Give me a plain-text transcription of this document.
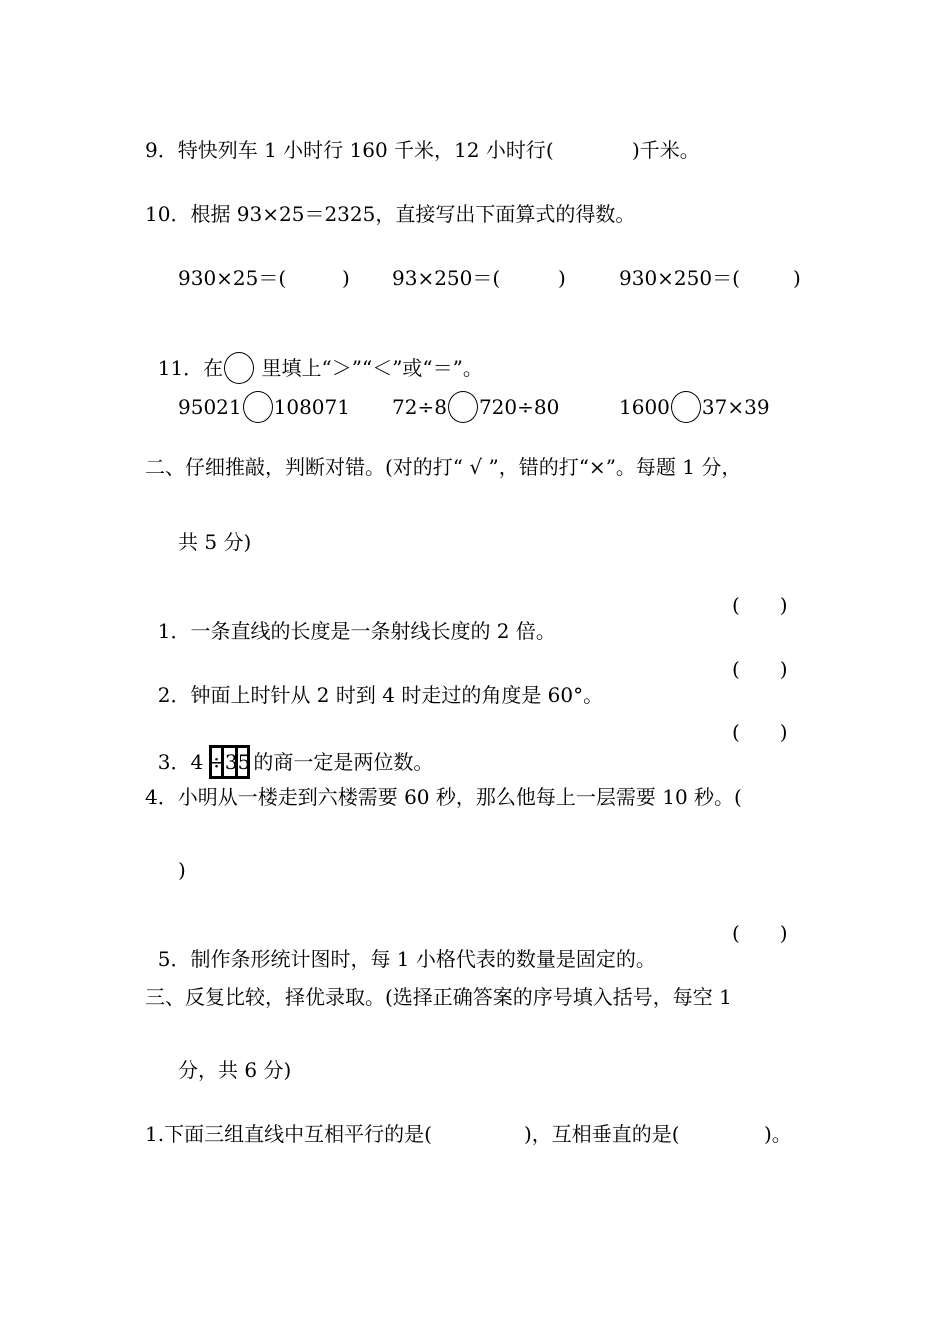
9．特快列车 1 小时行 160 千米，12 小时行(

	)千米。

10．根据 93×25＝2325，直接写出下面算式的得数。

930×25＝(

	)

93×250＝(

	)

	930×250＝(

	)

11．在 里填上“＞”“＜”或“＝”。

95021 108071

72÷8 720÷80

	1600 37×39

二、仔细推敲，判断对错。(对的打“ √ ”，错的打“×”。每题 1 分，
共 5 分)

1．一条直线的长度是一条射线长度的 2 倍。

(　　)

2．钟面上时针从 2 时到 4 时走过的角度是 60°。

(　　)

3．4 ÷35 的商一定是两位数。

(　　)
4．小明从一楼走到六楼需要 60 秒，那么他每上一层需要 10 秒。(
)

5．制作条形统计图时，每 1 小格代表的数量是固定的。

(　　)
三、反复比较，择优录取。(选择正确答案的序号填入括号，每空 1
分，共 6 分)

1.下面三组直线中互相平行的是(

	)，互相垂直的是(

	)。
